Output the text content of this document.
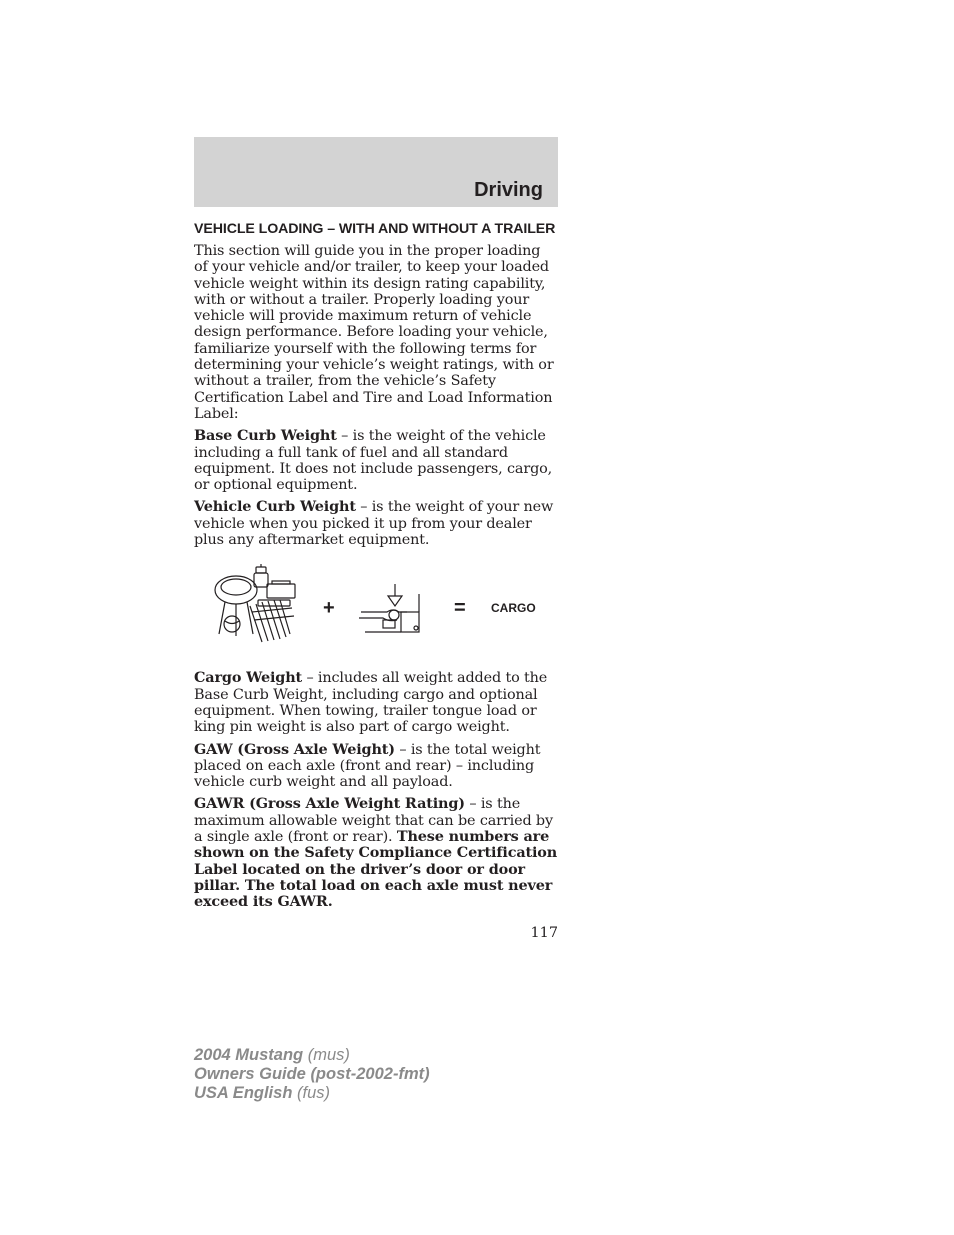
Driving
VEHICLE LOADING – WITH AND WITHOUT A TRAILER

This section will guide you in the proper loading of your vehicle and/or trailer, to keep your loaded vehicle weight within its design rating capability, with or without a trailer. Properly loading your vehicle will provide maximum return of vehicle design performance. Before loading your vehicle, familiarize yourself with the following terms for determining your vehicle’s weight ratings, with or without a trailer, from the vehicle’s Safety Certification Label and Tire and Load Information Label:

Base Curb Weight – is the weight of the vehicle including a full tank of fuel and all standard equipment. It does not include passengers, cargo, or optional equipment.

Vehicle Curb Weight – is the weight of your new vehicle when you picked it up from your dealer plus any aftermarket equipment.

+	= CARGO

Cargo Weight – includes all weight added to the Base Curb Weight, including cargo and optional equipment. When towing, trailer tongue load or king pin weight is also part of cargo weight.

GAW (Gross Axle Weight) – is the total weight placed on each axle (front and rear) – including vehicle curb weight and all payload.

GAWR (Gross Axle Weight Rating) – is the maximum allowable weight that can be carried by a single axle (front or rear). These numbers are shown on the Safety Compliance Certification Label located on the driver’s door or door pillar. The total load on each axle must never exceed its GAWR.

117
2004 Mustang (mus)
Owners Guide (post-2002-fmt)
USA English (fus)
